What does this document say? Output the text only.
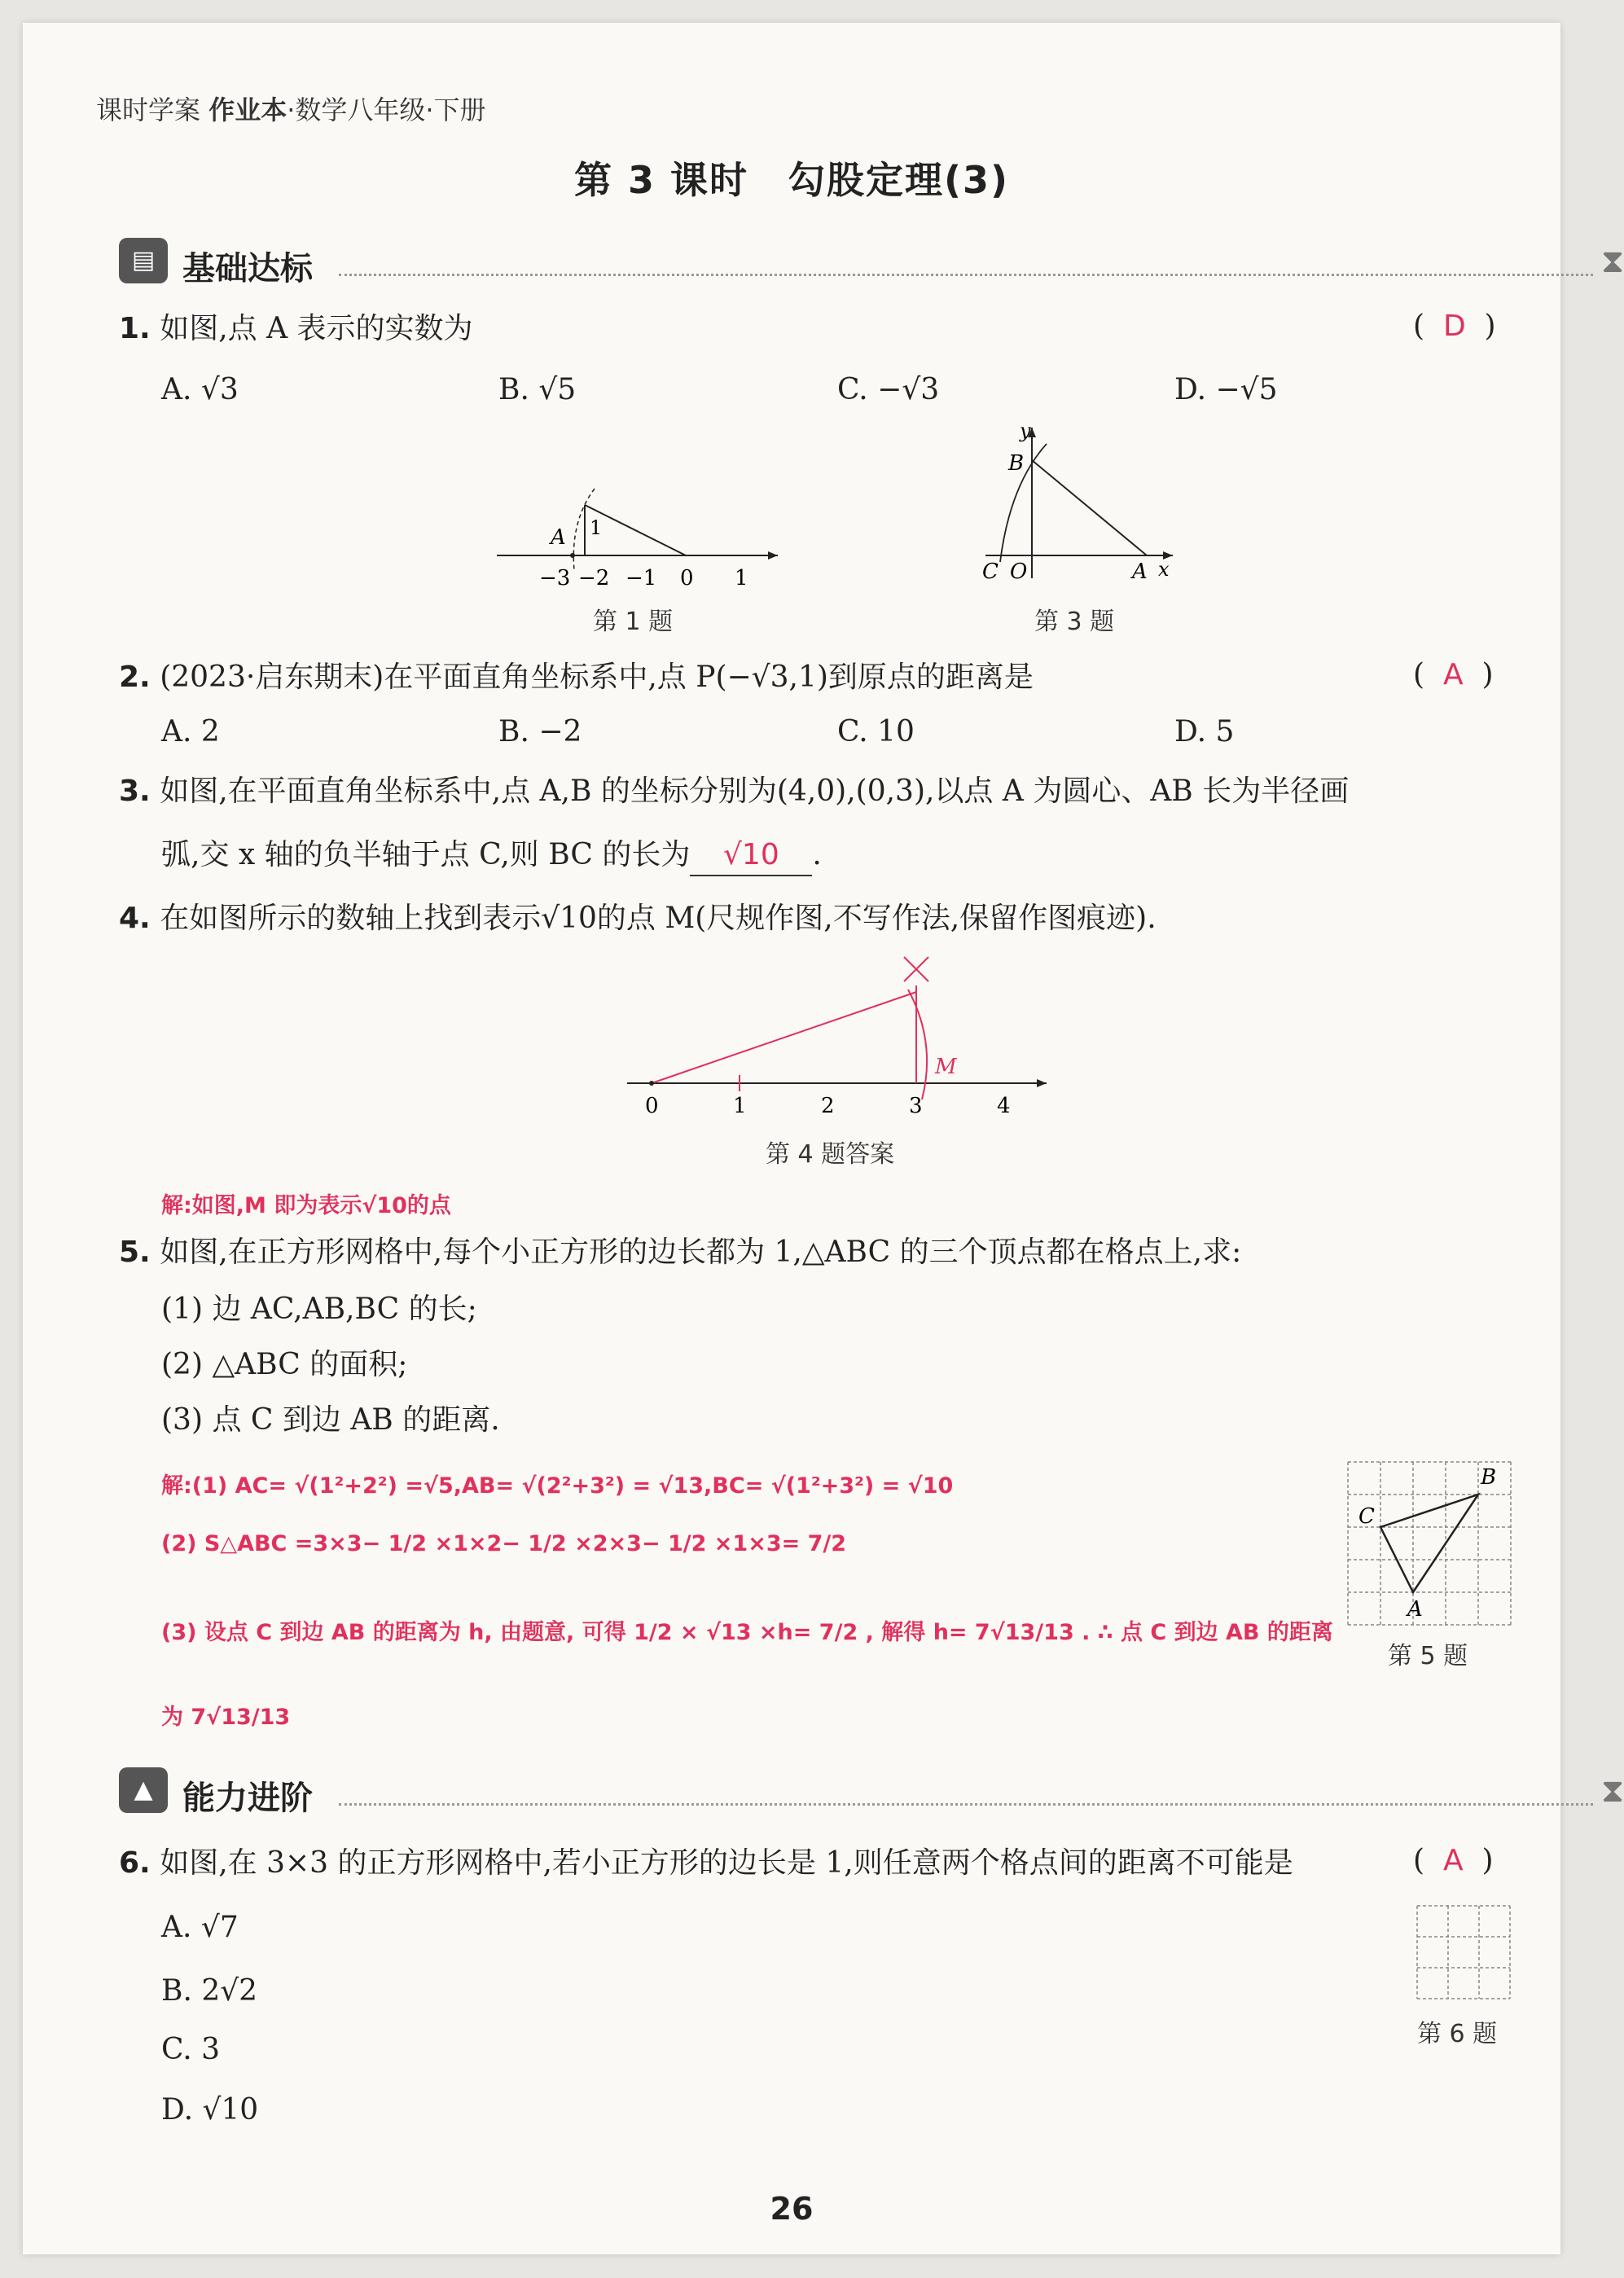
课时学案 作业本·数学八年级·下册
第 3 课时　勾股定理(3)
▤ 基础达标	⧗
1. 如图,点 A 表示的实数为	(  D  )
A. √3	B. √5	C. −√3	D. −√5
−3 −2 −1 0 1
A 1
第 1 题
y
x
B
C O	A
第 3 题
2. (2023·启东期末)在平面直角坐标系中,点 P(−√3,1)到原点的距离是	(  A  )
A. 2	B. −2	C. 10	D. 5
3. 如图,在平面直角坐标系中,点 A,B 的坐标分别为(4,0),(0,3),以点 A 为圆心、AB 长为半径画
弧,交 x 轴的负半轴于点 C,则 BC 的长为 √10 .
4. 在如图所示的数轴上找到表示√10的点 M(尺规作图,不写作法,保留作图痕迹).
0	1	2	3	4
M
第 4 题答案
解:如图,M 即为表示√10的点
5. 如图,在正方形网格中,每个小正方形的边长都为 1,△ABC 的三个顶点都在格点上,求:
(1) 边 AC,AB,BC 的长;
(2) △ABC 的面积;
(3) 点 C 到边 AB 的距离.
解:(1) AC= √(1²+2²) =√5,AB= √(2²+3²) = √13,BC= √(1²+3²) = √10
(2) S△ABC =3×3− 1/2 ×1×2− 1/2 ×2×3− 1/2 ×1×3= 7/2
(3) 设点 C 到边 AB 的距离为 h, 由题意, 可得 1/2 × √13 ×h= 7/2 , 解得 h= 7√13/13 . ∴ 点 C 到边 AB 的距离
为 7√13/13
B
C
A
第 5 题
▲ 能力进阶	⧗
6. 如图,在 3×3 的正方形网格中,若小正方形的边长是 1,则任意两个格点间的距离不可能是	(  A  )
A. √7
B. 2√2
C. 3
D. √10
第 6 题
26
